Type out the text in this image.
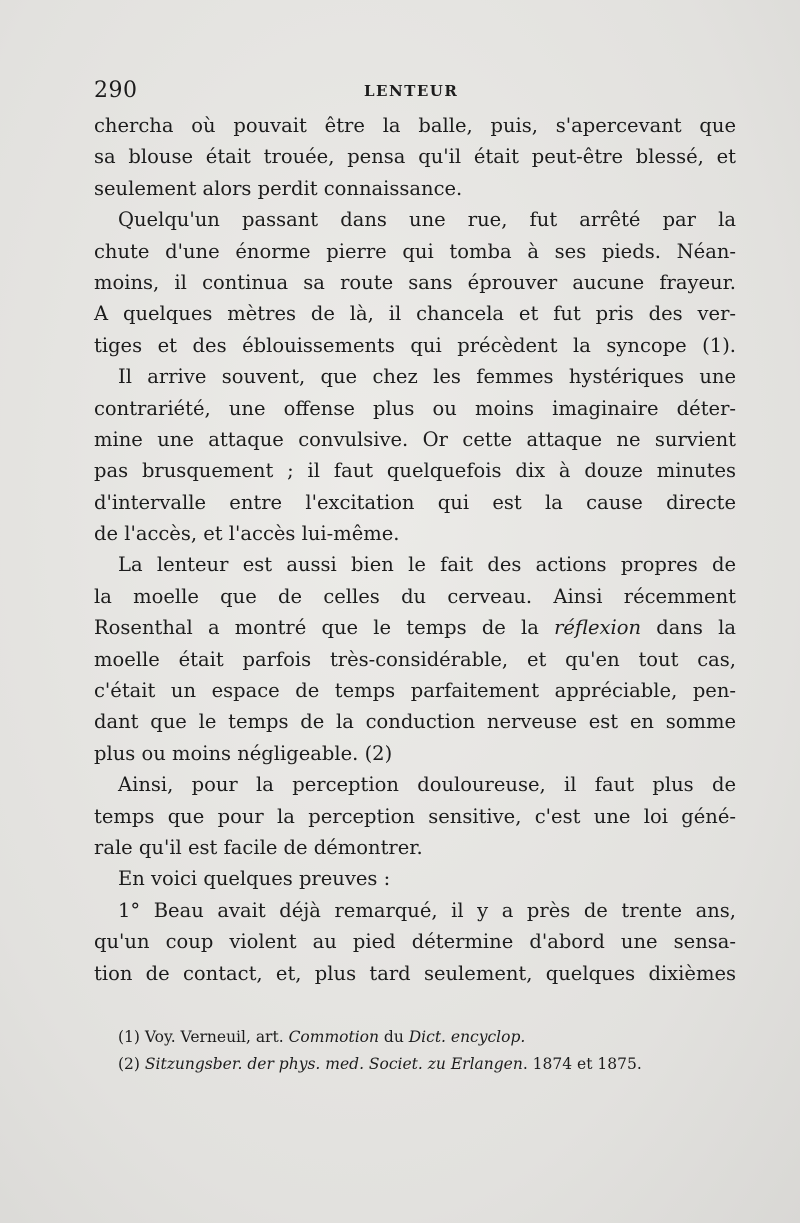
290	LENTEUR
chercha où pouvait être la balle, puis, s'apercevant que
sa blouse était trouée, pensa qu'il était peut-être blessé, et
seulement alors perdit connaissance.
Quelqu'un passant dans une rue, fut arrêté par la
chute d'une énorme pierre qui tomba à ses pieds. Néan-
moins, il continua sa route sans éprouver aucune frayeur.
A quelques mètres de là, il chancela et fut pris des ver-
tiges et des éblouissements qui précèdent la syncope (1).
Il arrive souvent, que chez les femmes hystériques une
contrariété, une offense plus ou moins imaginaire déter-
mine une attaque convulsive. Or cette attaque ne survient
pas brusquement ; il faut quelquefois dix à douze minutes
d'intervalle entre l'excitation qui est la cause directe
de l'accès, et l'accès lui-même.
La lenteur est aussi bien le fait des actions propres de
la moelle que de celles du cerveau. Ainsi récemment
Rosenthal a montré que le temps de la réflexion dans la
moelle était parfois très-considérable, et qu'en tout cas,
c'était un espace de temps parfaitement appréciable, pen-
dant que le temps de la conduction nerveuse est en somme
plus ou moins négligeable. (2)
Ainsi, pour la perception douloureuse, il faut plus de
temps que pour la perception sensitive, c'est une loi géné-
rale qu'il est facile de démontrer.
En voici quelques preuves :
1° Beau avait déjà remarqué, il y a près de trente ans,
qu'un coup violent au pied détermine d'abord une sensa-
tion de contact, et, plus tard seulement, quelques dixièmes
(1) Voy. Verneuil, art. Commotion du Dict. encyclop.
(2) Sitzungsber. der phys. med. Societ. zu Erlangen. 1874 et 1875.
